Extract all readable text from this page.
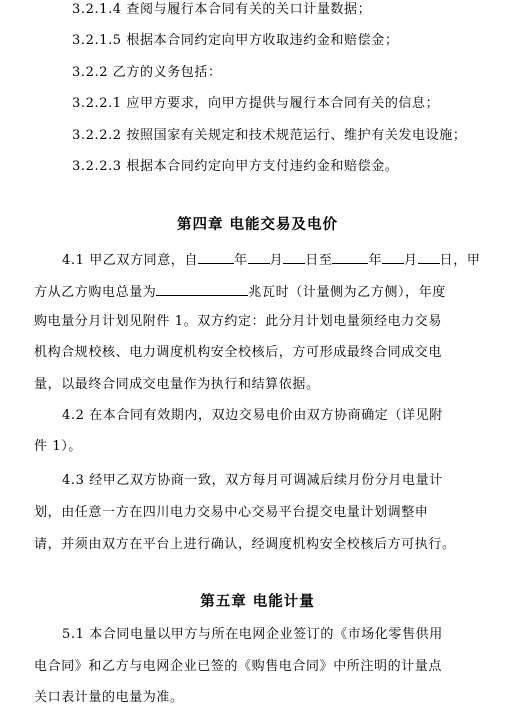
3.2.1.4 查阅与履行本合同有关的关口计量数据；
3.2.1.5 根据本合同约定向甲方收取违约金和赔偿金；
3.2.2 乙方的义务包括：
3.2.2.1 应甲方要求，向甲方提供与履行本合同有关的信息；
3.2.2.2 按照国家有关规定和技术规范运行、维护有关发电设施；
3.2.2.3 根据本合同约定向甲方支付违约金和赔偿金。
第四章 电能交易及电价
4.1 甲乙双方同意，自	年 月 日至	年 月 日，甲
方从乙方购电总量为	兆瓦时（计量侧为乙方侧），年度
购电量分月计划见附件 1。双方约定：此分月计划电量须经电力交易
机构合规校核、电力调度机构安全校核后，方可形成最终合同成交电
量，以最终合同成交电量作为执行和结算依据。
4.2 在本合同有效期内，双边交易电价由双方协商确定（详见附
件 1）。
4.3 经甲乙双方协商一致，双方每月可调减后续月份分月电量计
划，由任意一方在四川电力交易中心交易平台提交电量计划调整申
请，并须由双方在平台上进行确认，经调度机构安全校核后方可执行。
第五章 电能计量
5.1 本合同电量以甲方与所在电网企业签订的《市场化零售供用
电合同》和乙方与电网企业已签的《购售电合同》中所注明的计量点
关口表计量的电量为准。
